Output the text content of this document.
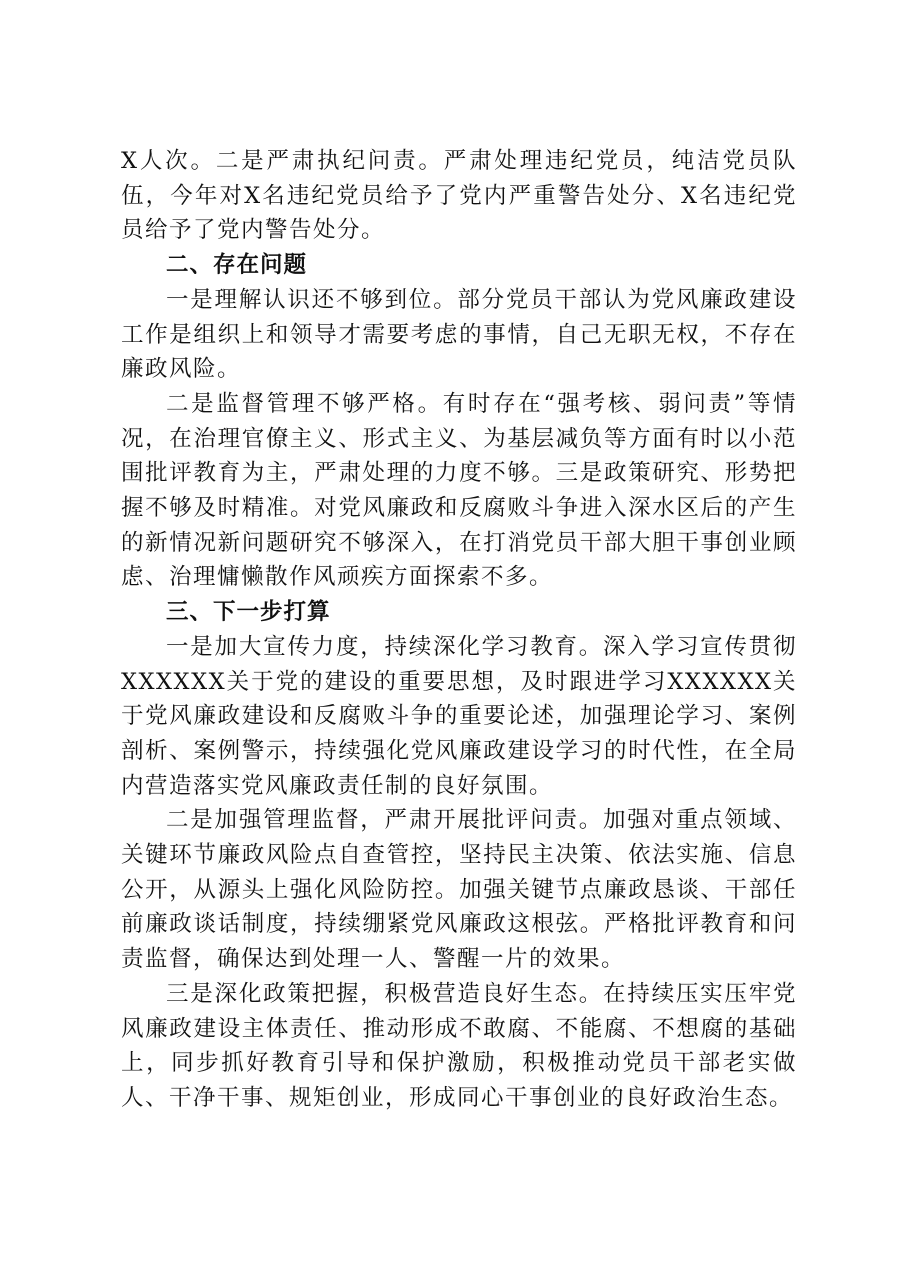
X人次。二是严肃执纪问责。严肃处理违纪党员，纯洁党员队伍，今年对X名违纪党员给予了党内严重警告处分、X名违纪党员给予了党内警告处分。

二、存在问题

一是理解认识还不够到位。部分党员干部认为党风廉政建设工作是组织上和领导才需要考虑的事情，自己无职无权，不存在廉政风险。

二是监督管理不够严格。有时存在“强考核、弱问责”等情况，在治理官僚主义、形式主义、为基层减负等方面有时以小范围批评教育为主，严肃处理的力度不够。三是政策研究、形势把握不够及时精准。对党风廉政和反腐败斗争进入深水区后的产生的新情况新问题研究不够深入，在打消党员干部大胆干事创业顾虑、治理慵懒散作风顽疾方面探索不多。

三、下一步打算

一是加大宣传力度，持续深化学习教育。深入学习宣传贯彻XXXXXX关于党的建设的重要思想，及时跟进学习XXXXXX关于党风廉政建设和反腐败斗争的重要论述，加强理论学习、案例剖析、案例警示，持续强化党风廉政建设学习的时代性，在全局内营造落实党风廉政责任制的良好氛围。

二是加强管理监督，严肃开展批评问责。加强对重点领域、关键环节廉政风险点自查管控，坚持民主决策、依法实施、信息公开，从源头上强化风险防控。加强关键节点廉政恳谈、干部任前廉政谈话制度，持续绷紧党风廉政这根弦。严格批评教育和问责监督，确保达到处理一人、警醒一片的效果。

三是深化政策把握，积极营造良好生态。在持续压实压牢党风廉政建设主体责任、推动形成不敢腐、不能腐、不想腐的基础上，同步抓好教育引导和保护激励，积极推动党员干部老实做人、干净干事、规矩创业，形成同心干事创业的良好政治生态。
